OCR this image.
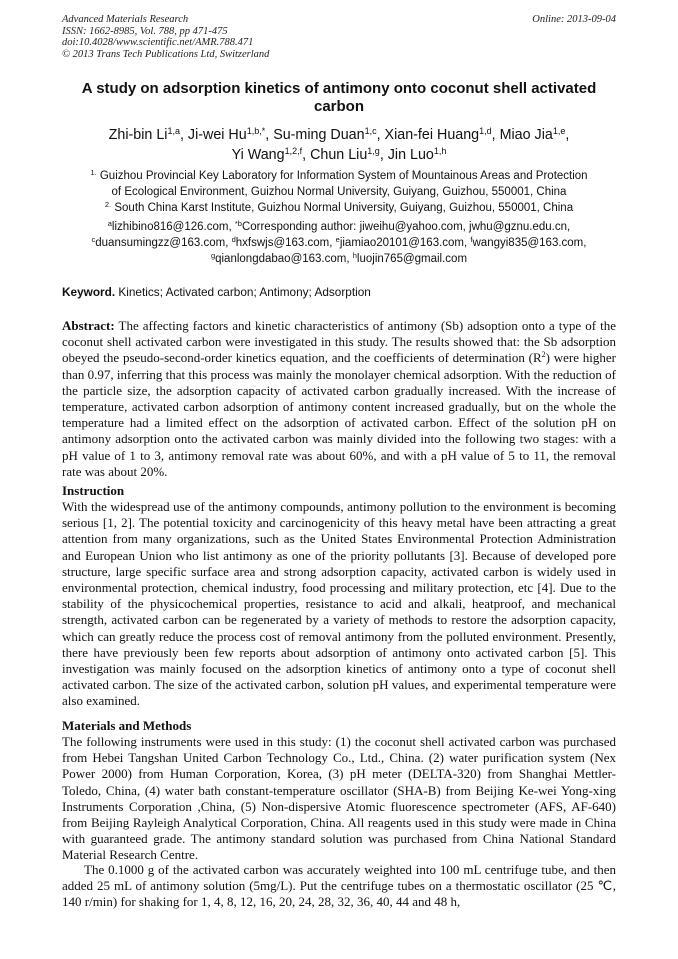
Advanced Materials Research
ISSN: 1662-8985, Vol. 788, pp 471-475
doi:10.4028/www.scientific.net/AMR.788.471
© 2013 Trans Tech Publications Ltd, Switzerland
Online: 2013-09-04
A study on adsorption kinetics of antimony onto coconut shell activated carbon
Zhi-bin Li$^{1,a}$, Ji-wei $Hu^{1,b,*}$, Su-ming Duan$^{1,c}$, Xian-fei Huang$^{1,d}$, Miao Jia$^{1,e}$,
Yi Wang$^{1,2,f}$, Chun Liu$^{1,g}$, Jin Luo$^{1,h}$
$^{1.}$ Guizhou Provincial Key Laboratory for Information System of Mountainous Areas and Protection
of Ecological Environment, Guizhou Normal University, Guiyang, Guizhou, 550001, China
$^{2.}$ South China Karst Institute, Guizhou Normal University, Guiyang, Guizhou, 550001, China
$^a$lizhibino816@126.com, $^{*b}$Corresponding author: jiweihu@yahoo.com, jwhu@gznu.edu.cn,
$^c$duansumingzz@163.com, $^d$hxfswjs@163.com, $^e$jiamiao20101@163.com, $^f$wangyi835@163.com,
$^g$qianlongdabao@163.com, $^h$luojin765@gmail.com
Keyword. Kinetics; Activated carbon; Antimony; Adsorption
Abstract: The affecting factors and kinetic characteristics of antimony (Sb) adsoption onto a type of the coconut shell activated carbon were investigated in this study. The results showed that: the Sb adsorption obeyed the pseudo-second-order kinetics equation, and the coefficients of determination $(R^2)$ were higher than 0.97, inferring that this process was mainly the monolayer chemical adsorption. With the reduction of the particle size, the adsorption capacity of activated carbon gradually increased. With the increase of temperature, activated carbon adsorption of antimony content increased gradually, but on the whole the temperature had a limited effect on the adsorption of activated carbon. Effect of the solution pH on antimony adsorption onto the activated carbon was mainly divided into the following two stages: with a pH value of 1 to 3, antimony removal rate was about 60%, and with a pH value of 5 to 11, the removal rate was about 20%.
Instruction
With the widespread use of the antimony compounds, antimony pollution to the environment is becoming serious [1, 2]. The potential toxicity and carcinogenicity of this heavy metal have been attracting a great attention from many organizations, such as the United States Environmental Protection Administration and European Union who list antimony as one of the priority pollutants [3]. Because of developed pore structure, large specific surface area and strong adsorption capacity, activated carbon is widely used in environmental protection, chemical industry, food processing and military protection, etc [4]. Due to the stability of the physicochemical properties, resistance to acid and alkali, heatproof, and mechanical strength, activated carbon can be regenerated by a variety of methods to restore the adsorption capacity, which can greatly reduce the process cost of removal antimony from the polluted environment. Presently, there have previously been few reports about adsorption of antimony onto activated carbon [5]. This investigation was mainly focused on the adsorption kinetics of antimony onto a type of coconut shell activated carbon. The size of the activated carbon, solution pH values, and experimental temperature were also examined.
Materials and Methods
The following instruments were used in this study: (1) the coconut shell activated carbon was purchased from Hebei Tangshan United Carbon Technology Co., Ltd., China. (2) water purification system (Nex Power 2000) from Human Corporation, Korea, (3) pH meter (DELTA-320) from Shanghai Mettler-Toledo, China, (4) water bath constant-temperature oscillator (SHA-B) from Beijing Ke-wei Yong-xing Instruments Corporation ,China, (5) Non-dispersive Atomic fluorescence spectrometer (AFS, AF-640) from Beijing Rayleigh Analytical Corporation, China. All reagents used in this study were made in China with guaranteed grade. The antimony standard solution was purchased from China National Standard Material Research Centre.
The 0.1000 g of the activated carbon was accurately weighted into 100 mL centrifuge tube, and then added 25 mL of antimony solution (5mg/L). Put the centrifuge tubes on a thermostatic oscillator (25 ℃, 140 r/min) for shaking for 1, 4, 8, 12, 16, 20, 24, 28, 32, 36, 40, 44 and 48 h,
